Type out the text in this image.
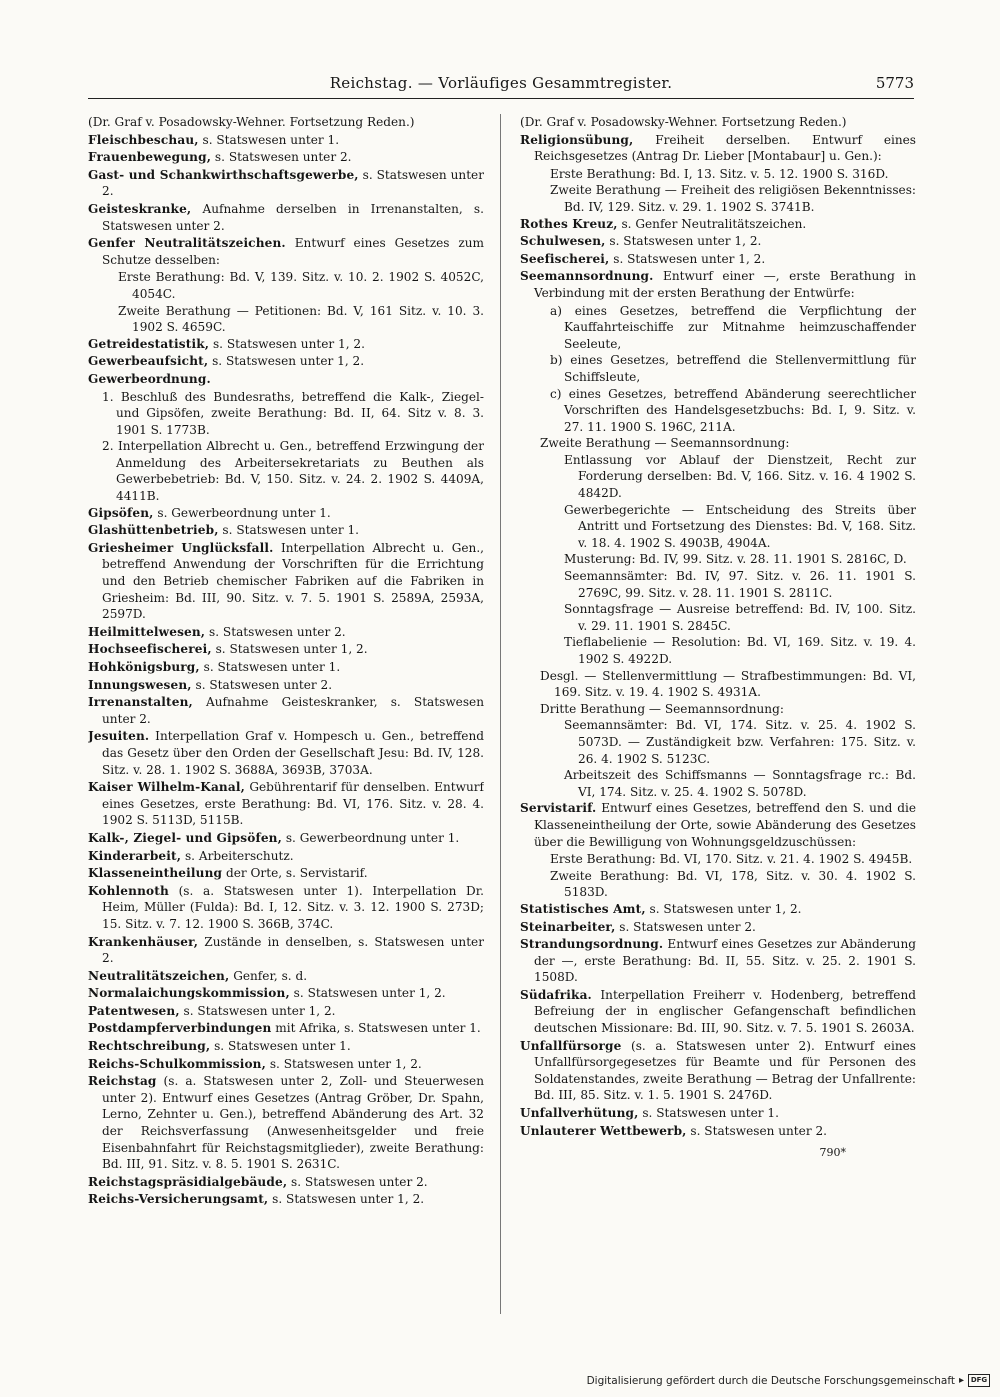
Reichstag. — Vorläufiges Gesammtregister.	5773

(Dr. Graf v. Posadowsky-Wehner. Fortsetzung Reden.)

Fleischbeschau, s. Statswesen unter 1.

Frauenbewegung, s. Statswesen unter 2.

Gast- und Schankwirthschaftsgewerbe, s. Statswesen unter 2.

Geisteskranke, Aufnahme derselben in Irrenanstalten, s. Statswesen unter 2.

Genfer Neutralitätszeichen. Entwurf eines Gesetzes zum Schutze desselben:

Erste Berathung: Bd. V, 139. Sitz. v. 10. 2. 1902 S. 4052C, 4054C.

Zweite Berathung — Petitionen: Bd. V, 161 Sitz. v. 10. 3. 1902 S. 4659C.

Getreidestatistik, s. Statswesen unter 1, 2.

Gewerbeaufsicht, s. Statswesen unter 1, 2.

Gewerbeordnung.

1. Beschluß des Bundesraths, betreffend die Kalk-, Ziegel- und Gipsöfen, zweite Berathung: Bd. II, 64. Sitz v. 8. 3. 1901 S. 1773B.

2. Interpellation Albrecht u. Gen., betreffend Erzwingung der Anmeldung des Arbeitersekretariats zu Beuthen als Gewerbebetrieb: Bd. V, 150. Sitz. v. 24. 2. 1902 S. 4409A, 4411B.

Gipsöfen, s. Gewerbeordnung unter 1.

Glashüttenbetrieb, s. Statswesen unter 1.

Griesheimer Unglücksfall. Interpellation Albrecht u. Gen., betreffend Anwendung der Vorschriften für die Errichtung und den Betrieb chemischer Fabriken auf die Fabriken in Griesheim: Bd. III, 90. Sitz. v. 7. 5. 1901 S. 2589A, 2593A, 2597D.

Heilmittelwesen, s. Statswesen unter 2.

Hochseefischerei, s. Statswesen unter 1, 2.

Hohkönigsburg, s. Statswesen unter 1.

Innungswesen, s. Statswesen unter 2.

Irrenanstalten, Aufnahme Geisteskranker, s. Statswesen unter 2.

Jesuiten. Interpellation Graf v. Hompesch u. Gen., betreffend das Gesetz über den Orden der Gesellschaft Jesu: Bd. IV, 128. Sitz. v. 28. 1. 1902 S. 3688A, 3693B, 3703A.

Kaiser Wilhelm-Kanal, Gebührentarif für denselben. Entwurf eines Gesetzes, erste Berathung: Bd. VI, 176. Sitz. v. 28. 4. 1902 S. 5113D, 5115B.

Kalk-, Ziegel- und Gipsöfen, s. Gewerbeordnung unter 1.

Kinderarbeit, s. Arbeiterschutz.

Klasseneintheilung der Orte, s. Servistarif.

Kohlennoth (s. a. Statswesen unter 1). Interpellation Dr. Heim, Müller (Fulda): Bd. I, 12. Sitz. v. 3. 12. 1900 S. 273D; 15. Sitz. v. 7. 12. 1900 S. 366B, 374C.

Krankenhäuser, Zustände in denselben, s. Statswesen unter 2.

Neutralitätszeichen, Genfer, s. d.

Normalaichungskommission, s. Statswesen unter 1, 2.

Patentwesen, s. Statswesen unter 1, 2.

Postdampferverbindungen mit Afrika, s. Statswesen unter 1.

Rechtschreibung, s. Statswesen unter 1.

Reichs-Schulkommission, s. Statswesen unter 1, 2.

Reichstag (s. a. Statswesen unter 2, Zoll- und Steuerwesen unter 2). Entwurf eines Gesetzes (Antrag Gröber, Dr. Spahn, Lerno, Zehnter u. Gen.), betreffend Abänderung des Art. 32 der Reichsverfassung (Anwesenheitsgelder und freie Eisenbahnfahrt für Reichstagsmitglieder), zweite Berathung: Bd. III, 91. Sitz. v. 8. 5. 1901 S. 2631C.

Reichstagspräsidialgebäude, s. Statswesen unter 2.

Reichs-Versicherungsamt, s. Statswesen unter 1, 2.

(Dr. Graf v. Posadowsky-Wehner. Fortsetzung Reden.)

Religionsübung, Freiheit derselben. Entwurf eines Reichsgesetzes (Antrag Dr. Lieber [Montabaur] u. Gen.):

Erste Berathung: Bd. I, 13. Sitz. v. 5. 12. 1900 S. 316D.

Zweite Berathung — Freiheit des religiösen Bekenntnisses: Bd. IV, 129. Sitz. v. 29. 1. 1902 S. 3741B.

Rothes Kreuz, s. Genfer Neutralitätszeichen.

Schulwesen, s. Statswesen unter 1, 2.

Seefischerei, s. Statswesen unter 1, 2.

Seemannsordnung. Entwurf einer —, erste Berathung in Verbindung mit der ersten Berathung der Entwürfe:

a) eines Gesetzes, betreffend die Verpflichtung der Kauffahrteischiffe zur Mitnahme heimzuschaffender Seeleute,

b) eines Gesetzes, betreffend die Stellenvermittlung für Schiffsleute,

c) eines Gesetzes, betreffend Abänderung seerechtlicher Vorschriften des Handelsgesetzbuchs: Bd. I, 9. Sitz. v. 27. 11. 1900 S. 196C, 211A.

Zweite Berathung — Seemannsordnung:

Entlassung vor Ablauf der Dienstzeit, Recht zur Forderung derselben: Bd. V, 166. Sitz. v. 16. 4 1902 S. 4842D.

Gewerbegerichte — Entscheidung des Streits über Antritt und Fortsetzung des Dienstes: Bd. V, 168. Sitz. v. 18. 4. 1902 S. 4903B, 4904A.

Musterung: Bd. IV, 99. Sitz. v. 28. 11. 1901 S. 2816C, D.

Seemannsämter: Bd. IV, 97. Sitz. v. 26. 11. 1901 S. 2769C, 99. Sitz. v. 28. 11. 1901 S. 2811C.

Sonntagsfrage — Ausreise betreffend: Bd. IV, 100. Sitz. v. 29. 11. 1901 S. 2845C.

Tieflabelienie — Resolution: Bd. VI, 169. Sitz. v. 19. 4. 1902 S. 4922D.

Desgl. — Stellenvermittlung — Strafbestimmungen: Bd. VI, 169. Sitz. v. 19. 4. 1902 S. 4931A.

Dritte Berathung — Seemannsordnung:

Seemannsämter: Bd. VI, 174. Sitz. v. 25. 4. 1902 S. 5073D. — Zuständigkeit bzw. Verfahren: 175. Sitz. v. 26. 4. 1902 S. 5123C.

Arbeitszeit des Schiffsmanns — Sonntagsfrage rc.: Bd. VI, 174. Sitz. v. 25. 4. 1902 S. 5078D.

Servistarif. Entwurf eines Gesetzes, betreffend den S. und die Klasseneintheilung der Orte, sowie Abänderung des Gesetzes über die Bewilligung von Wohnungsgeldzuschüssen:

Erste Berathung: Bd. VI, 170. Sitz. v. 21. 4. 1902 S. 4945B.

Zweite Berathung: Bd. VI, 178, Sitz. v. 30. 4. 1902 S. 5183D.

Statistisches Amt, s. Statswesen unter 1, 2.

Steinarbeiter, s. Statswesen unter 2.

Strandungsordnung. Entwurf eines Gesetzes zur Abänderung der —, erste Berathung: Bd. II, 55. Sitz. v. 25. 2. 1901 S. 1508D.

Südafrika. Interpellation Freiherr v. Hodenberg, betreffend Befreiung der in englischer Gefangenschaft befindlichen deutschen Missionare: Bd. III, 90. Sitz. v. 7. 5. 1901 S. 2603A.

Unfallfürsorge (s. a. Statswesen unter 2). Entwurf eines Unfallfürsorgegesetzes für Beamte und für Personen des Soldatenstandes, zweite Berathung — Betrag der Unfallrente: Bd. III, 85. Sitz. v. 1. 5. 1901 S. 2476D.

Unfallverhütung, s. Statswesen unter 1.

Unlauterer Wettbewerb, s. Statswesen unter 2.

790*
Digitalisierung gefördert durch die Deutsche Forschungsgemeinschaft ▸ DFG
